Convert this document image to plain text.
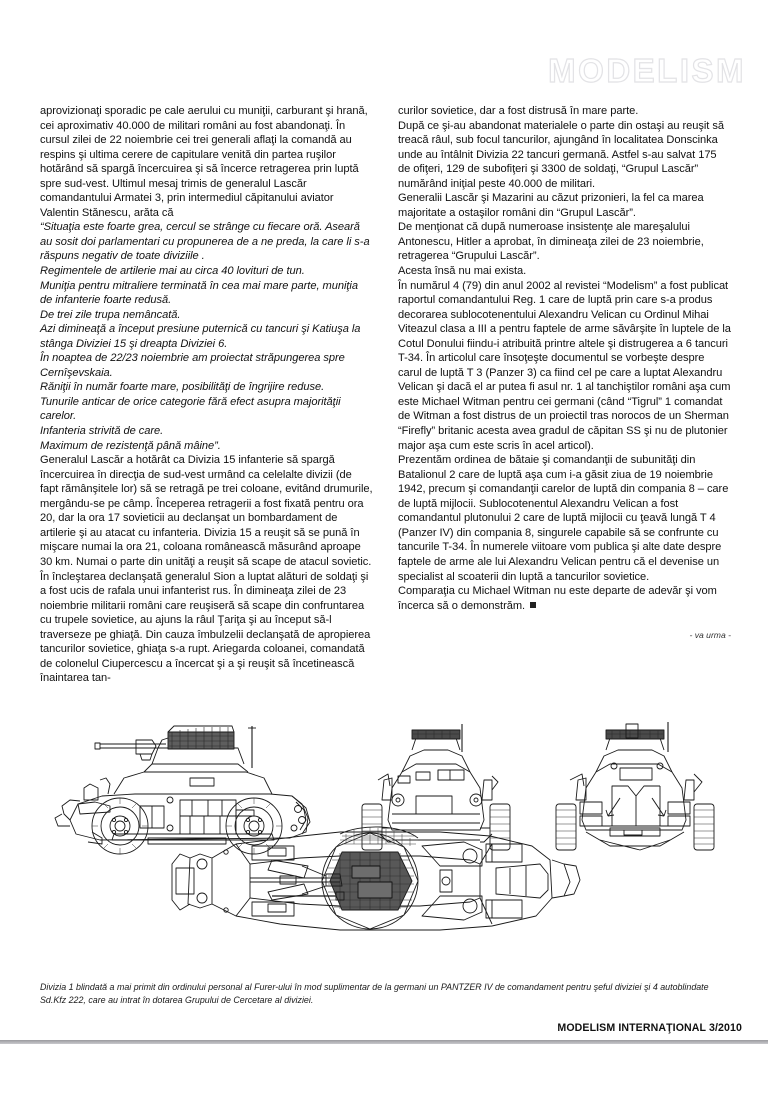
MODELISM

aprovizionaţi sporadic pe cale aerului cu muniţii, carburant şi hrană, cei aproximativ 40.000 de militari români au fost abandonaţi. În cursul zilei de 22 noiembrie cei trei generali aflaţi la comandă au respins şi ultima cerere de capitulare venită din partea ruşilor hotărând să spargă încercuirea şi să încerce retragerea prin luptă spre sud-vest. Ultimul mesaj trimis de generalul Lascăr comandantului Armatei 3, prin intermediul căpitanului aviator Valentin Stănescu, arăta că

“Situaţia este foarte grea, cercul se strânge cu fiecare oră. Aseară au sosit doi parlamentari cu propunerea de a ne preda, la care li s-a răspuns negativ de toate diviziile .

Regimentele de artilerie mai au circa 40 lovituri de tun.

Muniţia pentru mitraliere terminată în cea mai mare parte, muniţia de infanterie foarte redusă.

De trei zile trupa nemâncată.

Azi dimineaţă a început presiune puternică cu tancuri şi Katiuşa la stânga Diviziei 15 şi dreapta Diviziei 6.

În noaptea de 22/23 noiembrie am proiectat străpungerea spre Cernîşevskaia.

Răniţii în număr foarte mare, posibilităţi de îngrijire reduse.

Tunurile anticar de orice categorie fără efect asupra majorităţii carelor.

Infanteria strivită de care.

Maximum de rezistenţă până mâine”.

Generalul Lascăr a hotărât ca Divizia 15 infanterie să spargă încercuirea în direcţia de sud-vest urmând ca celelalte divizii (de fapt rămânşitele lor) să se retragă pe trei coloane, evitând drumurile, mergându-se pe câmp. Începerea retragerii a fost fixată pentru ora 20, dar la ora 17 sovieticii au declanşat un bombardament de artilerie şi au atacat cu infanteria. Divizia 15 a reuşit să se pună în mişcare numai la ora 21, coloana românească măsurând aproape 30 km. Numai o parte din unităţi a reuşit să scape de atacul sovietic. În încleştarea declanşată generalul Sion a luptat alături de soldaţi şi a fost ucis de rafala unui infanterist rus. În dimineaţa zilei de 23 noiembrie militarii români care reuşiseră să scape din confruntarea cu trupele sovietice, au ajuns la râul Ţariţa şi au început să-l traverseze pe ghiaţă. Din cauza îmbulzelii declanşată de apropierea tancurilor sovietice, ghiaţa s-a rupt. Ariegarda coloanei, comandată de colonelul Ciupercescu a încercat şi a şi reuşit să încetinească înaintarea tan-

curilor sovietice, dar a fost distrusă în mare parte.

După ce şi-au abandonat materialele o parte din ostaşi au reuşit să treacă râul, sub focul tancurilor, ajungând în localitatea Donscinka unde au întâlnit Divizia 22 tancuri germană. Astfel s-au salvat 175 de ofiţeri, 129 de subofiţeri şi 3300 de soldaţi, “Grupul Lascăr” numărând iniţial peste 40.000 de militari.

Generalii Lascăr şi Mazarini au căzut prizonieri, la fel ca marea majoritate a ostaşilor români din “Grupul Lascăr”.

De menţionat că după numeroase insistenţe ale mareşalului Antonescu, Hitler a aprobat, în dimineaţa zilei de 23 noiembrie, retragerea “Grupului Lascăr”.

Acesta însă nu mai exista.

În numărul 4 (79) din anul 2002 al revistei “Modelism” a fost publicat raportul comandantului Reg. 1 care de luptă prin care s-a produs decorarea sublocotenentului Alexandru Velican cu Ordinul Mihai Viteazul clasa a III a pentru faptele de arme săvârşite în luptele de la Cotul Donului fiindu-i atribuită printre altele şi distrugerea a 6 tancuri T-34. În articolul care însoţeşte documentul se vorbeşte despre carul de luptă T 3 (Panzer 3) ca fiind cel pe care a luptat Alexandru Velican şi dacă el ar putea fi asul nr. 1 al tanchiştilor români aşa cum este Michael Witman pentru cei germani (când “Tigrul” 1 comandat de Witman a fost distrus de un proiectil tras norocos de un Sherman “Firefly” britanic acesta avea gradul de căpitan SS şi nu de plutonier major aşa cum este scris în acel articol).

Prezentăm ordinea de bătaie şi comandanţii de subunităţi din Batalionul 2 care de luptă aşa cum i-a găsit ziua de 19 noiembrie 1942, precum şi comandanţii carelor de luptă din compania 8 – care de luptă mijlocii. Sublocotenentul Alexandru Velican a fost comandantul plutonului 2 care de luptă mijlocii cu ţeavă lungă T 4 (Panzer IV) din compania 8, singurele capabile să se confrunte cu tancurile T-34. În numerele viitoare vom publica şi alte date despre faptele de arme ale lui Alexandru Velican pentru că el devenise un specialist al scoaterii din luptă a tancurilor sovietice.

Comparaţia cu Michael Witman nu este departe de adevăr şi vom încerca să o demonstrăm.

- va urma -
Divizia 1 blindată a mai primit din ordinului personal al Furer-ului în mod suplimentar de la germani un PANTZER IV de comandament pentru şeful diviziei şi 4 autoblindate Sd.Kfz 222, care au intrat în dotarea Grupului de Cercetare al diviziei.
MODELISM INTERNAŢIONAL 3/2010
